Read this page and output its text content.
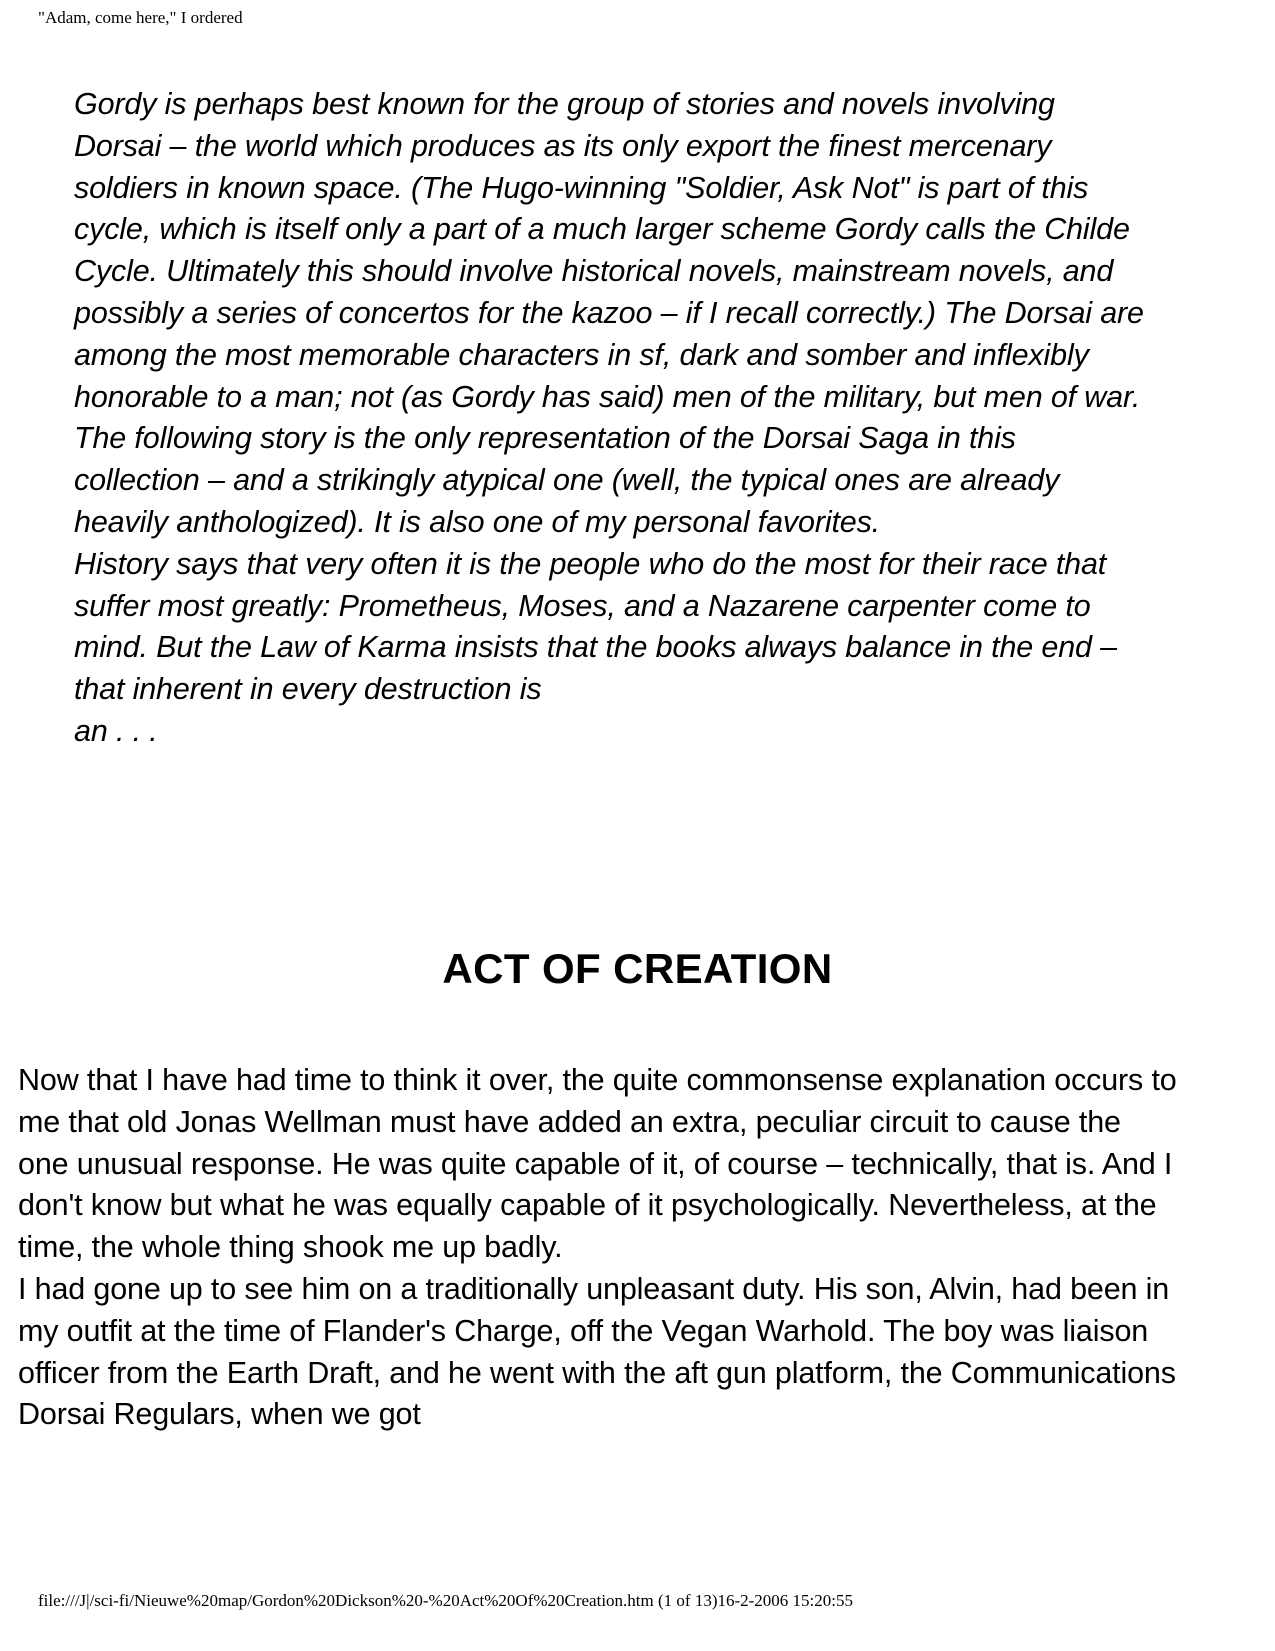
"Adam, come here," I ordered

Gordy is perhaps best known for the group of stories and novels involving Dorsai – the world which produces as its only export the finest mercenary soldiers in known space. (The Hugo-winning "Soldier, Ask Not" is part of this cycle, which is itself only a part of a much larger scheme Gordy calls the Childe Cycle. Ultimately this should involve historical novels, mainstream novels, and possibly a series of concertos for the kazoo – if I recall correctly.) The Dorsai are among the most memorable characters in sf, dark and somber and inflexibly honorable to a man; not (as Gordy has said) men of the military, but men of war. The following story is the only representation of the Dorsai Saga in this collection – and a strikingly atypical one (well, the typical ones are already heavily anthologized). It is also one of my personal favorites.

History says that very often it is the people who do the most for their race that suffer most greatly: Prometheus, Moses, and a Nazarene carpenter come to mind. But the Law of Karma insists that the books always balance in the end – that inherent in every destruction is

an . . .

ACT OF CREATION

Now that I have had time to think it over, the quite commonsense explanation occurs to me that old Jonas Wellman must have added an extra, peculiar circuit to cause the one unusual response. He was quite capable of it, of course – technically, that is. And I don't know but what he was equally capable of it psychologically. Nevertheless, at the time, the whole thing shook me up badly.

I had gone up to see him on a traditionally unpleasant duty. His son, Alvin, had been in my outfit at the time of Flander's Charge, off the Vegan Warhold. The boy was liaison officer from the Earth Draft, and he went with the aft gun platform, the Communications Dorsai Regulars, when we got

file:///J|/sci-fi/Nieuwe%20map/Gordon%20Dickson%20-%20Act%20Of%20Creation.htm (1 of 13)16-2-2006 15:20:55
